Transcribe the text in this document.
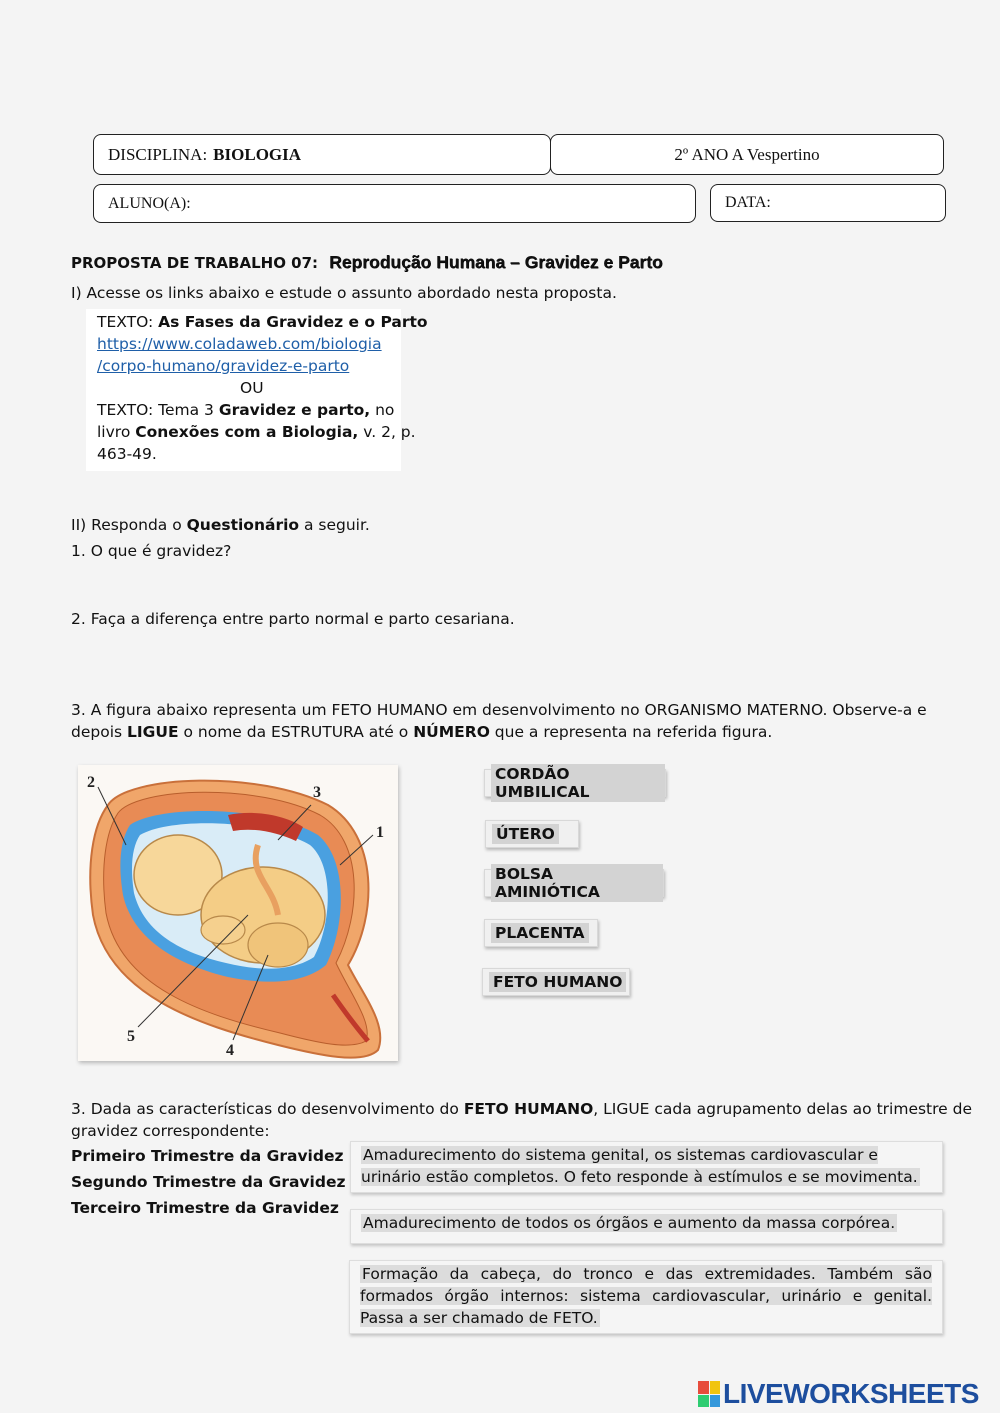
DISCIPLINA: BIOLOGIA	2º ANO A Vespertino
ALUNO(A):	DATA:
PROPOSTA DE TRABALHO 07: Reprodução Humana – Gravidez e Parto
I) Acesse os links abaixo e estude o assunto abordado nesta proposta.
TEXTO: As Fases da Gravidez e o Parto
https://www.coladaweb.com/biologia
/corpo-humano/gravidez-e-parto
OU
TEXTO: Tema 3 Gravidez e parto, no
livro Conexões com a Biologia, v. 2, p.
463-49.
II) Responda o Questionário a seguir.
1. O que é gravidez?
2. Faça a diferença entre parto normal e parto cesariana.
3. A figura abaixo representa um FETO HUMANO em desenvolvimento no ORGANISMO MATERNO. Observe-a e
depois LIGUE o nome da ESTRUTURA até o NÚMERO que a representa na referida figura.
1
2
3
4
5
CORDÃO UMBILICAL
ÚTERO
BOLSA AMINIÓTICA
PLACENTA
FETO HUMANO
3. Dada as características do desenvolvimento do FETO HUMANO, LIGUE cada agrupamento delas ao trimestre de
gravidez correspondente:
Primeiro Trimestre da Gravidez
Segundo Trimestre da Gravidez
Terceiro Trimestre da Gravidez
Amadurecimento do sistema genital, os sistemas cardiovascular e urinário estão completos. O feto responde à estímulos e se movimenta.
Amadurecimento de todos os órgãos e aumento da massa corpórea.
Formação da cabeça, do tronco e das extremidades. Também são formados órgão internos: sistema cardiovascular, urinário e genital. Passa a ser chamado de FETO.
LIVEWORKSHEETS
